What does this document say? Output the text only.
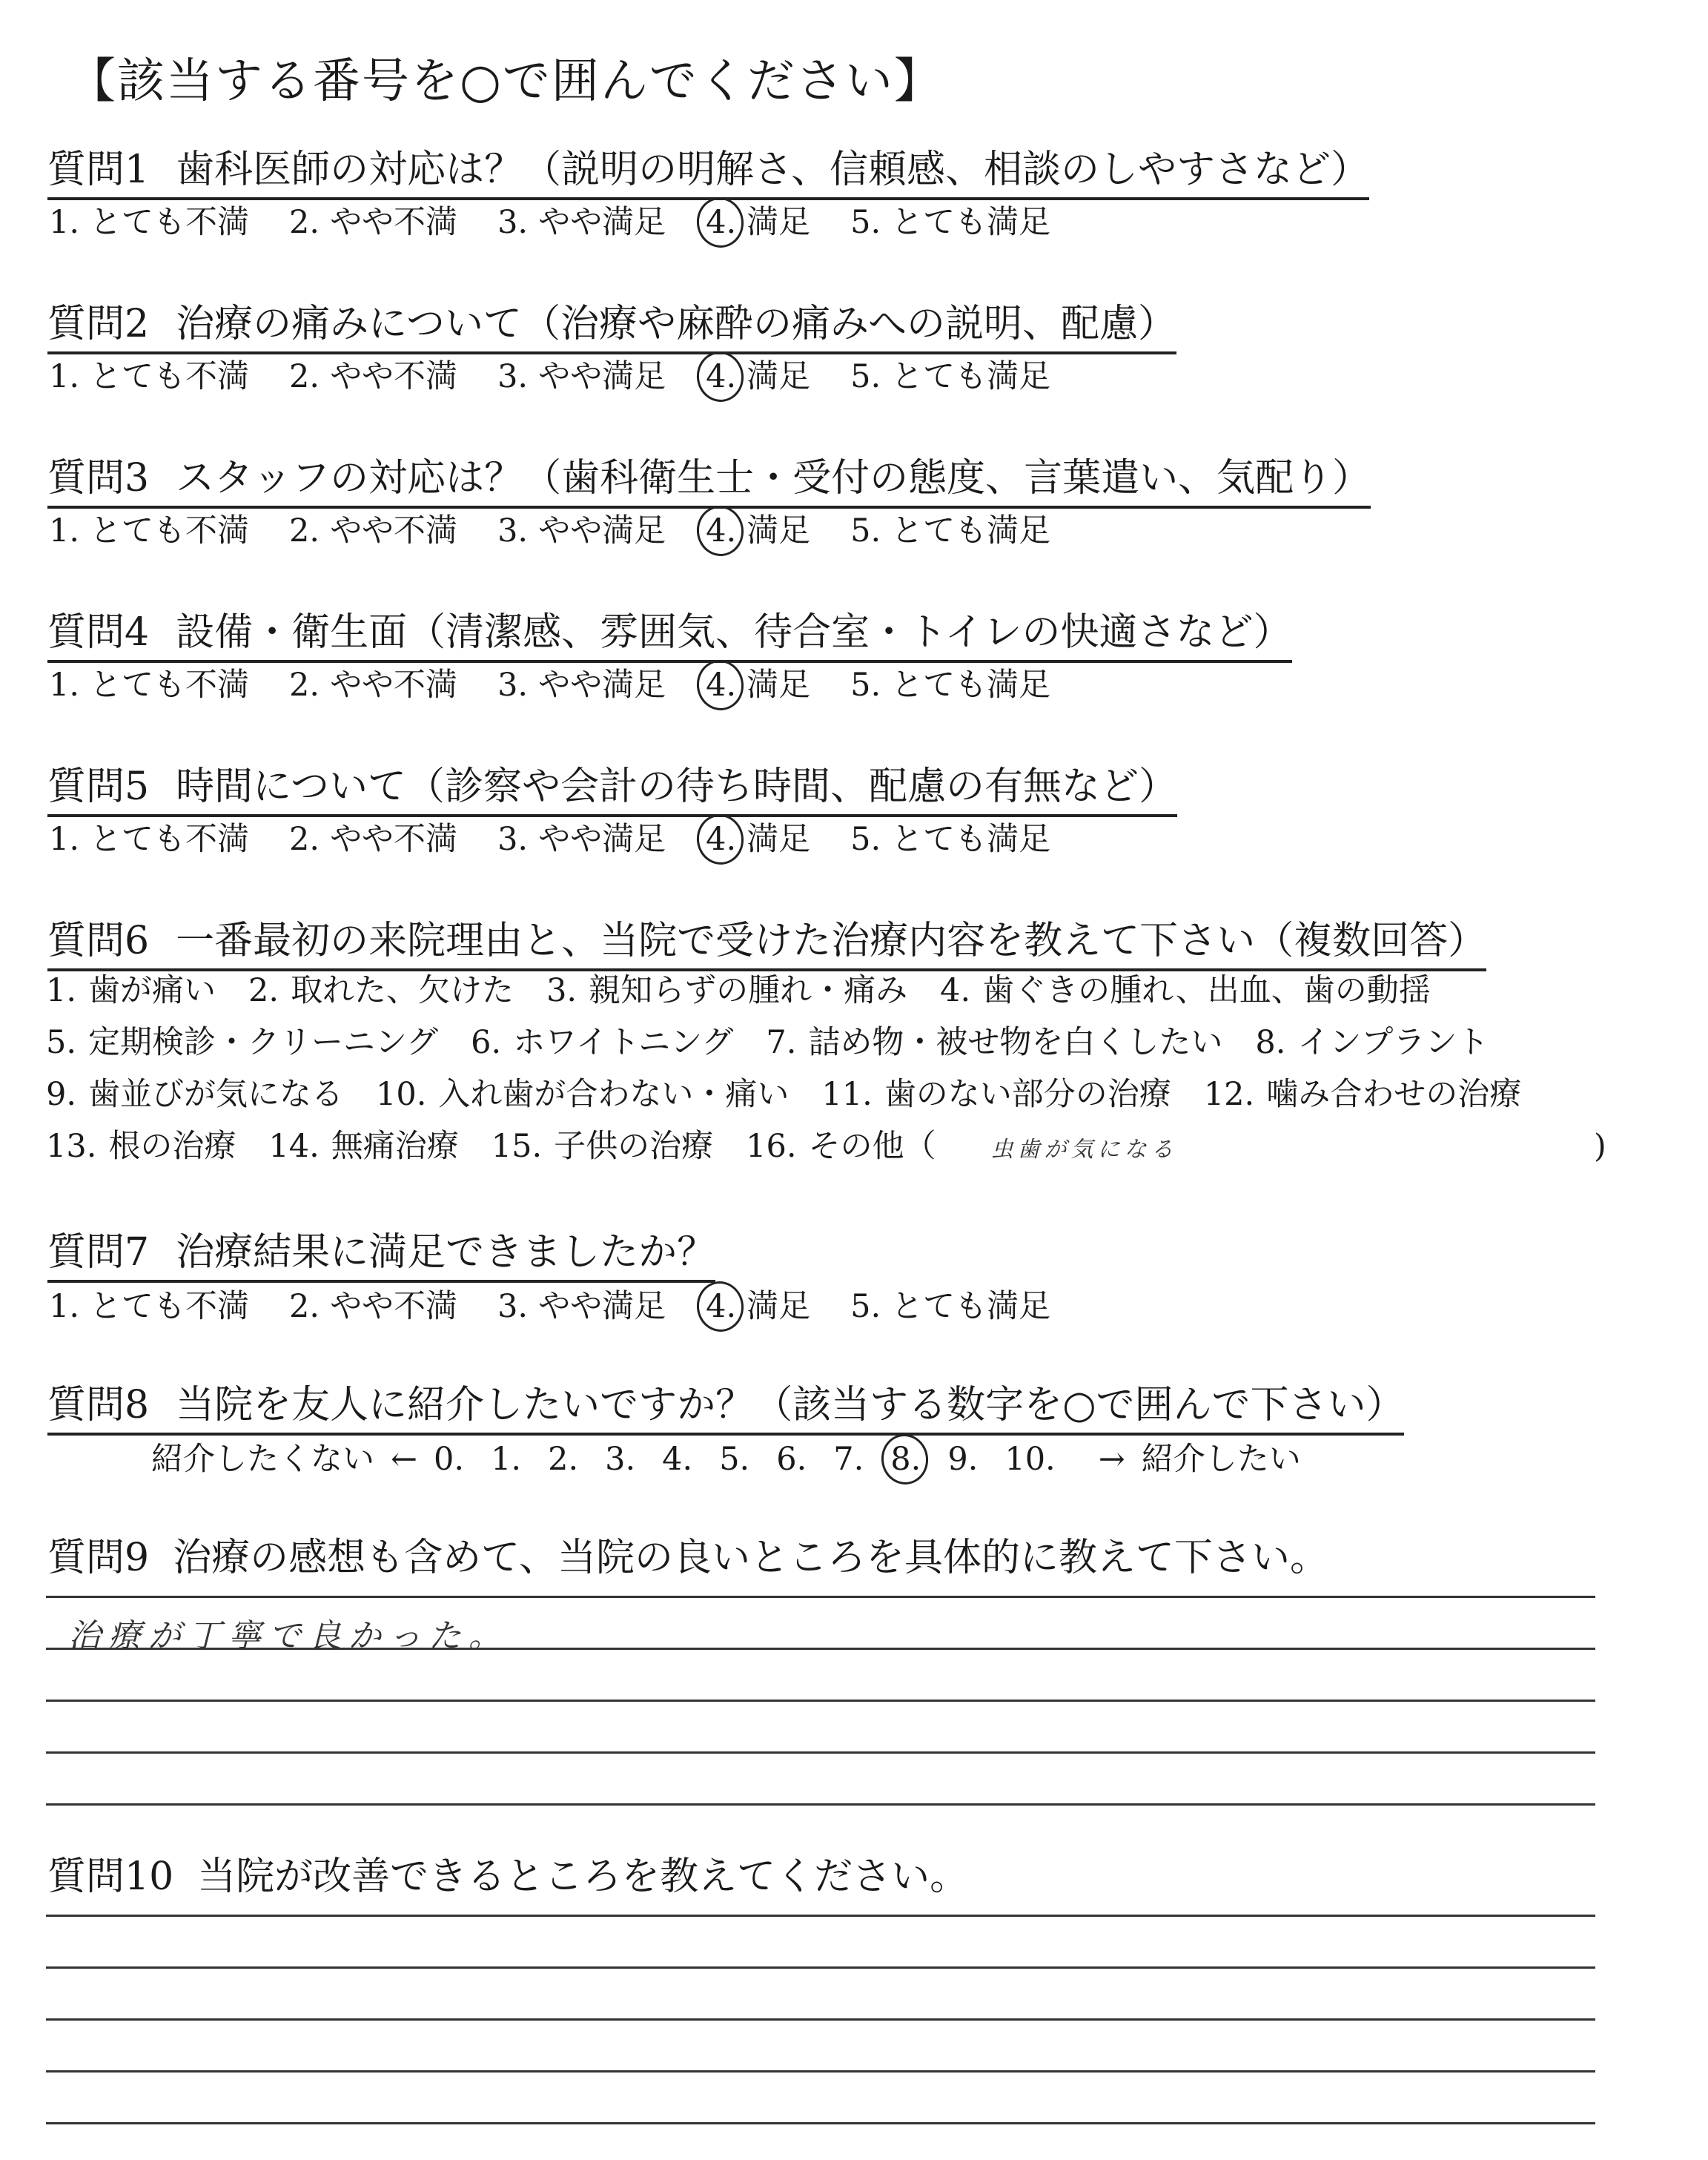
【該当する番号を○で囲んでください】
質問1 歯科医師の対応は？（説明の明解さ、信頼感、相談のしやすさなど）
1. とても不満 2. やや不満 3. やや満足 4. 満足 5. とても満足
質問2 治療の痛みについて（治療や麻酔の痛みへの説明、配慮）
1. とても不満 2. やや不満 3. やや満足 4. 満足 5. とても満足
質問3 スタッフの対応は？（歯科衛生士・受付の態度、言葉遣い、気配り）
1. とても不満 2. やや不満 3. やや満足 4. 満足 5. とても満足
質問4 設備・衛生面（清潔感、雰囲気、待合室・トイレの快適さなど）
1. とても不満 2. やや不満 3. やや満足 4. 満足 5. とても満足
質問5 時間について（診察や会計の待ち時間、配慮の有無など）
1. とても不満 2. やや不満 3. やや満足 4. 満足 5. とても満足
質問6 一番最初の来院理由と、当院で受けた治療内容を教えて下さい（複数回答）
1. 歯が痛い 2. 取れた、欠けた 3. 親知らずの腫れ・痛み 4. 歯ぐきの腫れ、出血、歯の動揺
5. 定期検診・クリーニング 6. ホワイトニング 7. 詰め物・被せ物を白くしたい 8. インプラント
9. 歯並びが気になる 10. 入れ歯が合わない・痛い 11. 歯のない部分の治療 12. 噛み合わせの治療
13. 根の治療 14. 無痛治療 15. 子供の治療 16. その他（ 虫歯が気になる	)
質問7 治療結果に満足できましたか？
1. とても不満 2. やや不満 3. やや満足 4. 満足 5. とても満足
質問8 当院を友人に紹介したいですか？（該当する数字を○で囲んで下さい）
紹介したくない ← 0. 1. 2. 3. 4. 5. 6. 7. 8. 9. 10. → 紹介したい
質問9 治療の感想も含めて、当院の良いところを具体的に教えて下さい。
治療が丁寧で良かった。
質問10 当院が改善できるところを教えてください。
